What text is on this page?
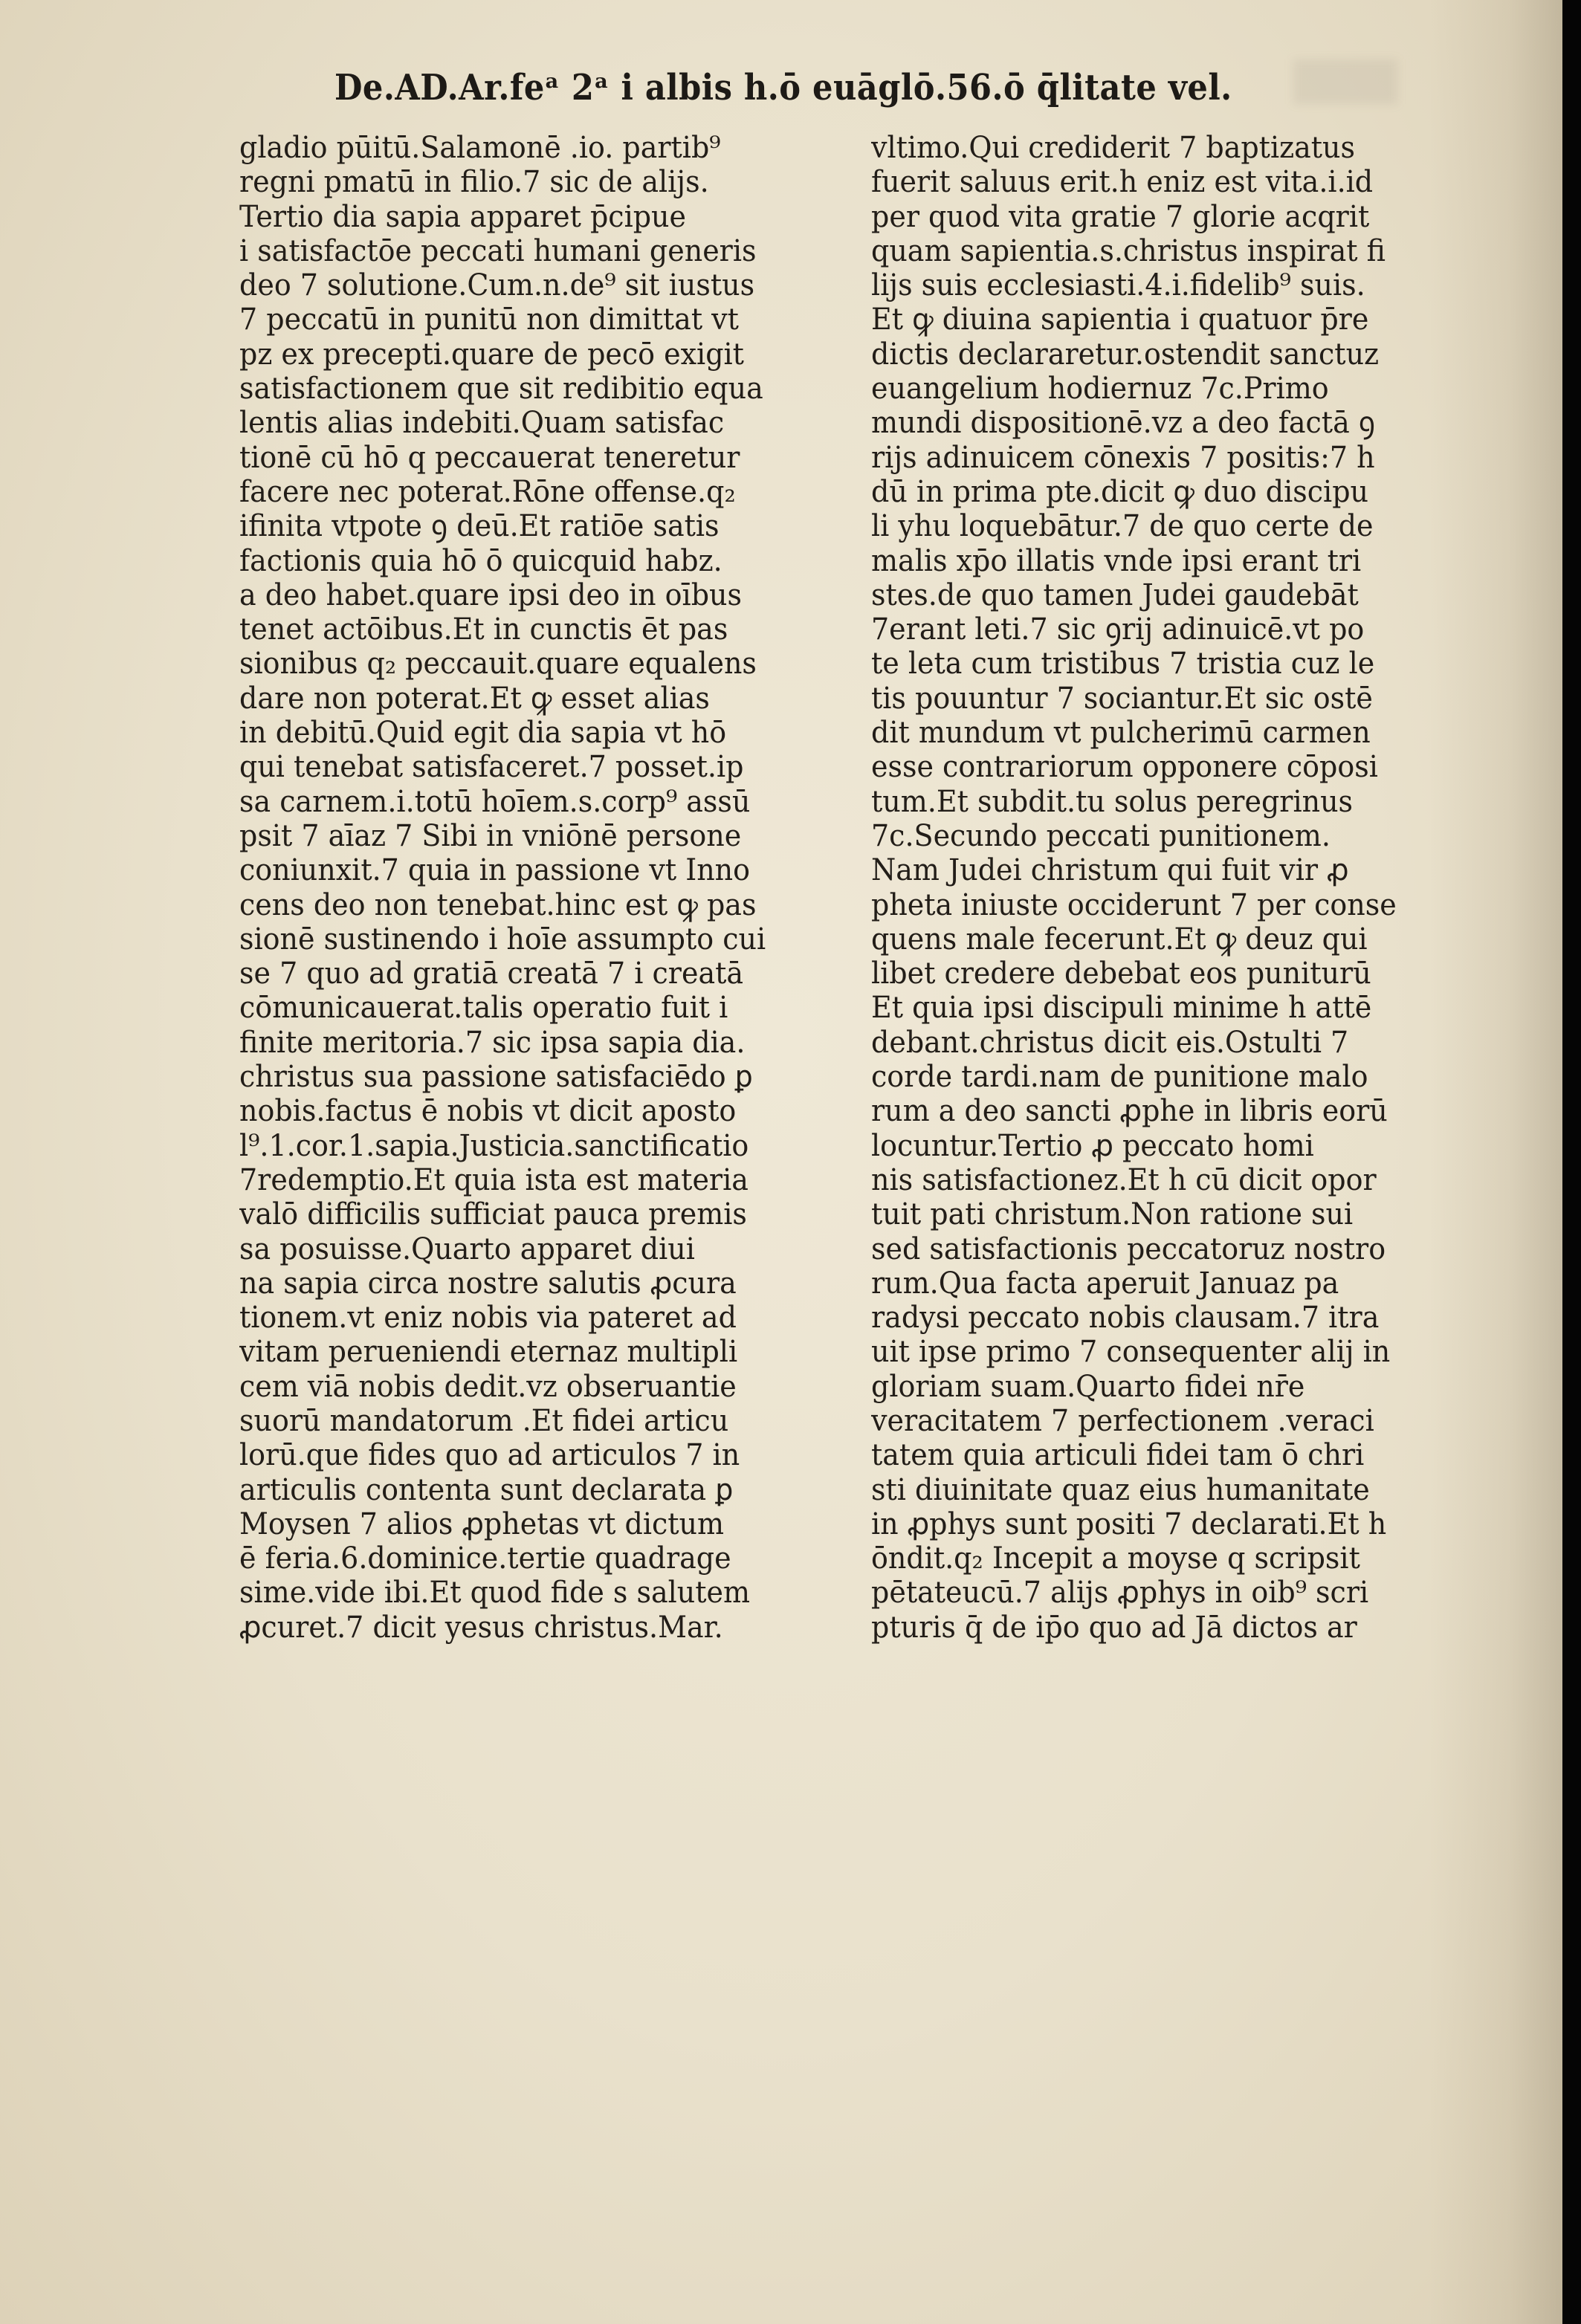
De.AD.Ar.feᵃ 2ᵃ i albis h.ō euāglō.56.ō q̄litate vel.
gladio pūitū.Salamonē .io. partib⁹
regni pmatū in filio.7 sic de alijs.
Tertio dia sapia apparet p̄cipue
i satisfactōe peccati humani generis
deo 7 solutione.Cum.n.de⁹ sit iustus
7 peccatū in punitū non dimittat vt
pz ex precepti.quare de pecō exigit
satisfactionem que sit redibitio equa
lentis alias indebiti.Quam satisfac
tionē cū hō q peccauerat teneretur
facere nec poterat.Rōne offense.q₂
ifinita vtpote ꝯ deū.Et ratiōe satis
factionis quia hō ō quicquid habz.
a deo habet.quare ipsi deo in oībus
tenet actōibus.Et in cunctis ēt pas
sionibus q₂ peccauit.quare equalens
dare non poterat.Et ꝙ esset alias
in debitū.Quid egit dia sapia vt hō
qui tenebat satisfaceret.7 posset.ip
sa carnem.i.totū hoīem.s.corp⁹ assū
psit 7 aīaz 7 Sibi in vniōnē persone
coniunxit.7 quia in passione vt Inno
cens deo non tenebat.hinc est ꝙ pas
sionē sustinendo i hoīe assumpto cui
se 7 quo ad gratiā creatā 7 i creatā
cōmunicauerat.talis operatio fuit i
finite meritoria.7 sic ipsa sapia dia.
christus sua passione satisfaciēdo ꝑ
nobis.factus ē nobis vt dicit aposto
l⁹.1.cor.1.sapia.Justicia.sanctificatio
7redemptio.Et quia ista est materia
valō difficilis sufficiat pauca premis
sa posuisse.Quarto apparet diui
na sapia circa nostre salutis ꝓcura
tionem.vt eniz nobis via pateret ad
vitam perueniendi eternaz multipli
cem viā nobis dedit.vz obseruantie
suorū mandatorum .Et fidei articu
lorū.que fides quo ad articulos 7 in
articulis contenta sunt declarata ꝑ
Moysen 7 alios ꝓphetas vt dictum
ē feria.6.dominice.tertie quadrage
sime.vide ibi.Et quod fide s salutem
ꝓcuret.7 dicit yesus christus.Mar.
vltimo.Qui crediderit 7 baptizatus
fuerit saluus erit.h eniz est vita.i.id
per quod vita gratie 7 glorie acqrit
quam sapientia.s.christus inspirat fi
lijs suis ecclesiasti.4.i.fidelib⁹ suis.
Et ꝙ diuina sapientia i quatuor p̄re
dictis declararetur.ostendit sanctuz
euangelium hodiernuz 7c.Primo
mundi dispositionē.vz a deo factā ꝯ
rijs adinuicem cōnexis 7 positis:7 h
dū in prima pte.dicit ꝙ duo discipu
li yhu loquebātur.7 de quo certe de
malis xp̄o illatis vnde ipsi erant tri
stes.de quo tamen Judei gaudebāt
7erant leti.7 sic ꝯrij adinuicē.vt po
te leta cum tristibus 7 tristia cuz le
tis pouuntur 7 sociantur.Et sic ostē
dit mundum vt pulcherimū carmen
esse contrariorum opponere cōposi
tum.Et subdit.tu solus peregrinus
7c.Secundo peccati punitionem.
Nam Judei christum qui fuit vir ꝓ
pheta iniuste occiderunt 7 per conse
quens male fecerunt.Et ꝙ deuz qui
libet credere debebat eos puniturū
Et quia ipsi discipuli minime h attē
debant.christus dicit eis.Ostulti 7
corde tardi.nam de punitione malo
rum a deo sancti ꝓphe in libris eorū
locuntur.Tertio ꝓ peccato homi
nis satisfactionez.Et h cū dicit opor
tuit pati christum.Non ratione sui
sed satisfactionis peccatoruz nostro
rum.Qua facta aperuit Januaz pa
radysi peccato nobis clausam.7 itra
uit ipse primo 7 consequenter alij in
gloriam suam.Quarto fidei nr̄e
veracitatem 7 perfectionem .veraci
tatem quia articuli fidei tam ō chri
sti diuinitate quaz eius humanitate
in ꝓphys sunt positi 7 declarati.Et h
ōndit.q₂ Incepit a moyse q scripsit
pētateucū.7 alijs ꝓphys in oib⁹ scri
pturis q̄ de ip̄o quo ad Jā dictos ar
